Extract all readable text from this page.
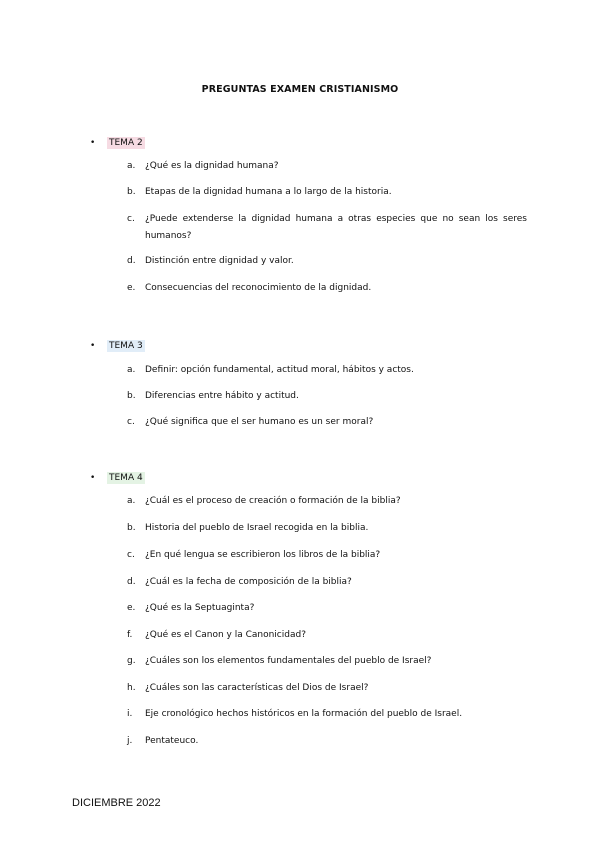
PREGUNTAS EXAMEN CRISTIANISMO
• TEMA 2
a.	¿Qué es la dignidad humana?
b.	Etapas de la dignidad humana a lo largo de la historia.
c.	¿Puede extenderse la dignidad humana a otras especies que no sean los seres humanos?
d.	Distinción entre dignidad y valor.
e.	Consecuencias del reconocimiento de la dignidad.
• TEMA 3
a.	Definir: opción fundamental, actitud moral, hábitos y actos.
b.	Diferencias entre hábito y actitud.
c.	¿Qué significa que el ser humano es un ser moral?
• TEMA 4
a.	¿Cuál es el proceso de creación o formación de la biblia?
b.	Historia del pueblo de Israel recogida en la biblia.
c.	¿En qué lengua se escribieron los libros de la biblia?
d.	¿Cuál es la fecha de composición de la biblia?
e.	¿Qué es la Septuaginta?
f.	¿Qué es el Canon y la Canonicidad?
g.	¿Cuáles son los elementos fundamentales del pueblo de Israel?
h.	¿Cuáles son las características del Dios de Israel?
i.	Eje cronológico hechos históricos en la formación del pueblo de Israel.
j.	Pentateuco.
DICIEMBRE 2022
